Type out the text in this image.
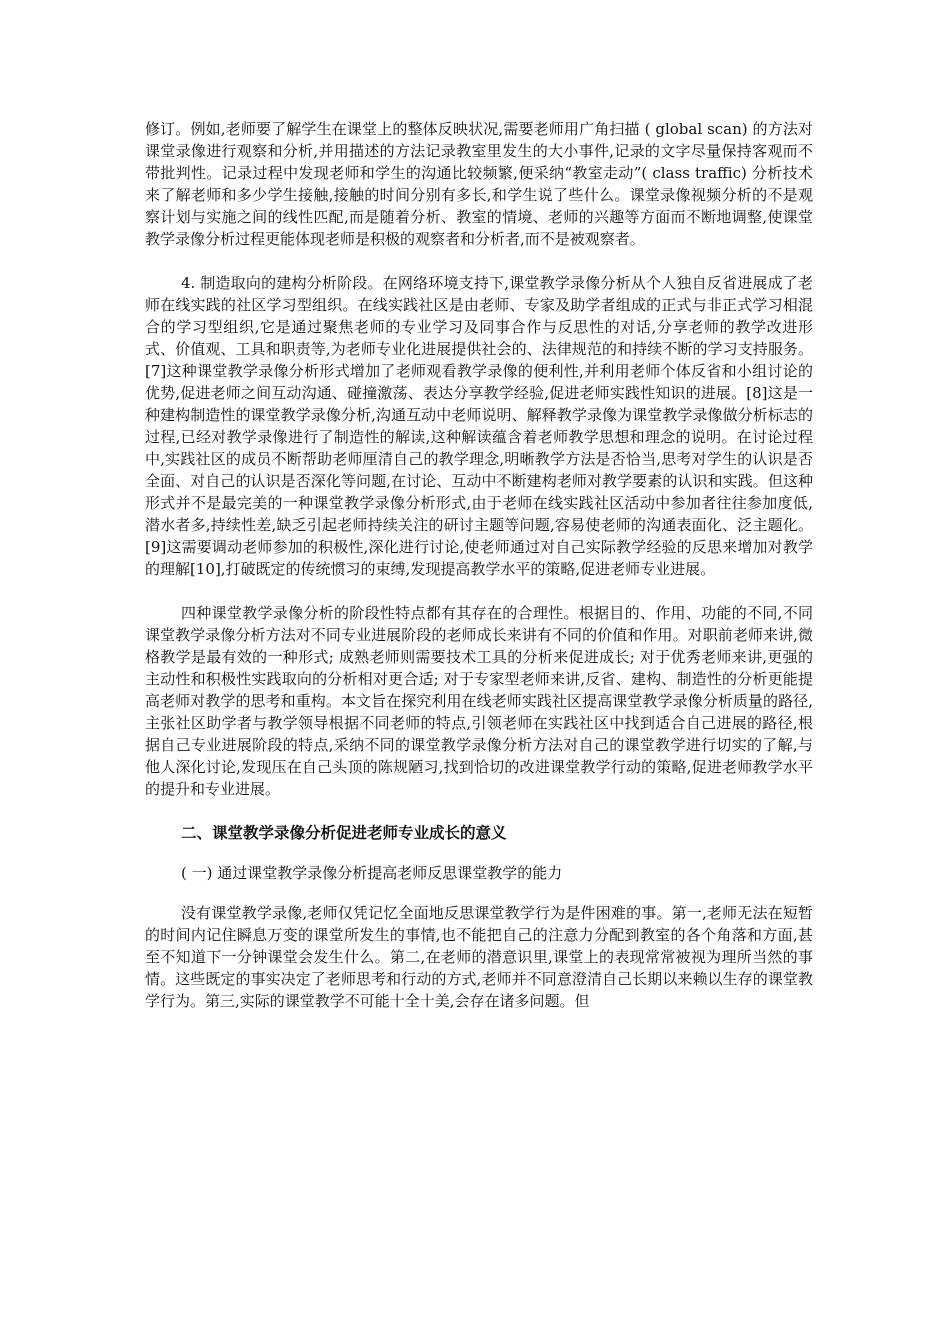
修订。例如,老师要了解学生在课堂上的整体反映状况,需要老师用广角扫描 ( global scan) 的方法对课堂录像进行观察和分析,并用描述的方法记录教室里发生的大小事件,记录的文字尽量保持客观而不带批判性。记录过程中发现老师和学生的沟通比较频繁,便采纳“教室走动”( class traffic) 分析技术来了解老师和多少学生接触,接触的时间分别有多长,和学生说了些什么。课堂录像视频分析的不是观察计划与实施之间的线性匹配,而是随着分析、教室的情境、老师的兴趣等方面而不断地调整,使课堂教学录像分析过程更能体现老师是积极的观察者和分析者,而不是被观察者。

4. 制造取向的建构分析阶段。在网络环境支持下,课堂教学录像分析从个人独自反省进展成了老师在线实践的社区学习型组织。在线实践社区是由老师、专家及助学者组成的正式与非正式学习相混合的学习型组织,它是通过聚焦老师的专业学习及同事合作与反思性的对话,分享老师的教学改进形式、价值观、工具和职责等,为老师专业化进展提供社会的、法律规范的和持续不断的学习支持服务。[7]这种课堂教学录像分析形式增加了老师观看教学录像的便利性,并利用老师个体反省和小组讨论的优势,促进老师之间互动沟通、碰撞激荡、表达分享教学经验,促进老师实践性知识的进展。[8]这是一种建构制造性的课堂教学录像分析,沟通互动中老师说明、解释教学录像为课堂教学录像做分析标志的过程,已经对教学录像进行了制造性的解读,这种解读蕴含着老师教学思想和理念的说明。在讨论过程中,实践社区的成员不断帮助老师厘清自己的教学理念,明晰教学方法是否恰当,思考对学生的认识是否全面、对自己的认识是否深化等问题,在讨论、互动中不断建构老师对教学要素的认识和实践。但这种形式并不是最完美的一种课堂教学录像分析形式,由于老师在线实践社区活动中参加者往往参加度低,潜水者多,持续性差,缺乏引起老师持续关注的研讨主题等问题,容易使老师的沟通表面化、泛主题化。[9]这需要调动老师参加的积极性,深化进行讨论,使老师通过对自己实际教学经验的反思来增加对教学的理解[10],打破既定的传统惯习的束缚,发现提高教学水平的策略,促进老师专业进展。

四种课堂教学录像分析的阶段性特点都有其存在的合理性。根据目的、作用、功能的不同,不同课堂教学录像分析方法对不同专业进展阶段的老师成长来讲有不同的价值和作用。对职前老师来讲,微格教学是最有效的一种形式; 成熟老师则需要技术工具的分析来促进成长; 对于优秀老师来讲,更强的主动性和积极性实践取向的分析相对更合适; 对于专家型老师来讲,反省、建构、制造性的分析更能提高老师对教学的思考和重构。本文旨在探究利用在线老师实践社区提高课堂教学录像分析质量的路径,主张社区助学者与教学领导根据不同老师的特点,引领老师在实践社区中找到适合自己进展的路径,根据自己专业进展阶段的特点,采纳不同的课堂教学录像分析方法对自己的课堂教学进行切实的了解,与他人深化讨论,发现压在自己头顶的陈规陋习,找到恰切的改进课堂教学行动的策略,促进老师教学水平的提升和专业进展。

二、课堂教学录像分析促进老师专业成长的意义
( 一) 通过课堂教学录像分析提高老师反思课堂教学的能力

没有课堂教学录像,老师仅凭记忆全面地反思课堂教学行为是件困难的事。第一,老师无法在短暂的时间内记住瞬息万变的课堂所发生的事情,也不能把自己的注意力分配到教室的各个角落和方面,甚至不知道下一分钟课堂会发生什么。第二,在老师的潜意识里,课堂上的表现常常被视为理所当然的事情。这些既定的事实决定了老师思考和行动的方式,老师并不同意澄清自己长期以来赖以生存的课堂教学行为。第三,实际的课堂教学不可能十全十美,会存在诸多问题。但
